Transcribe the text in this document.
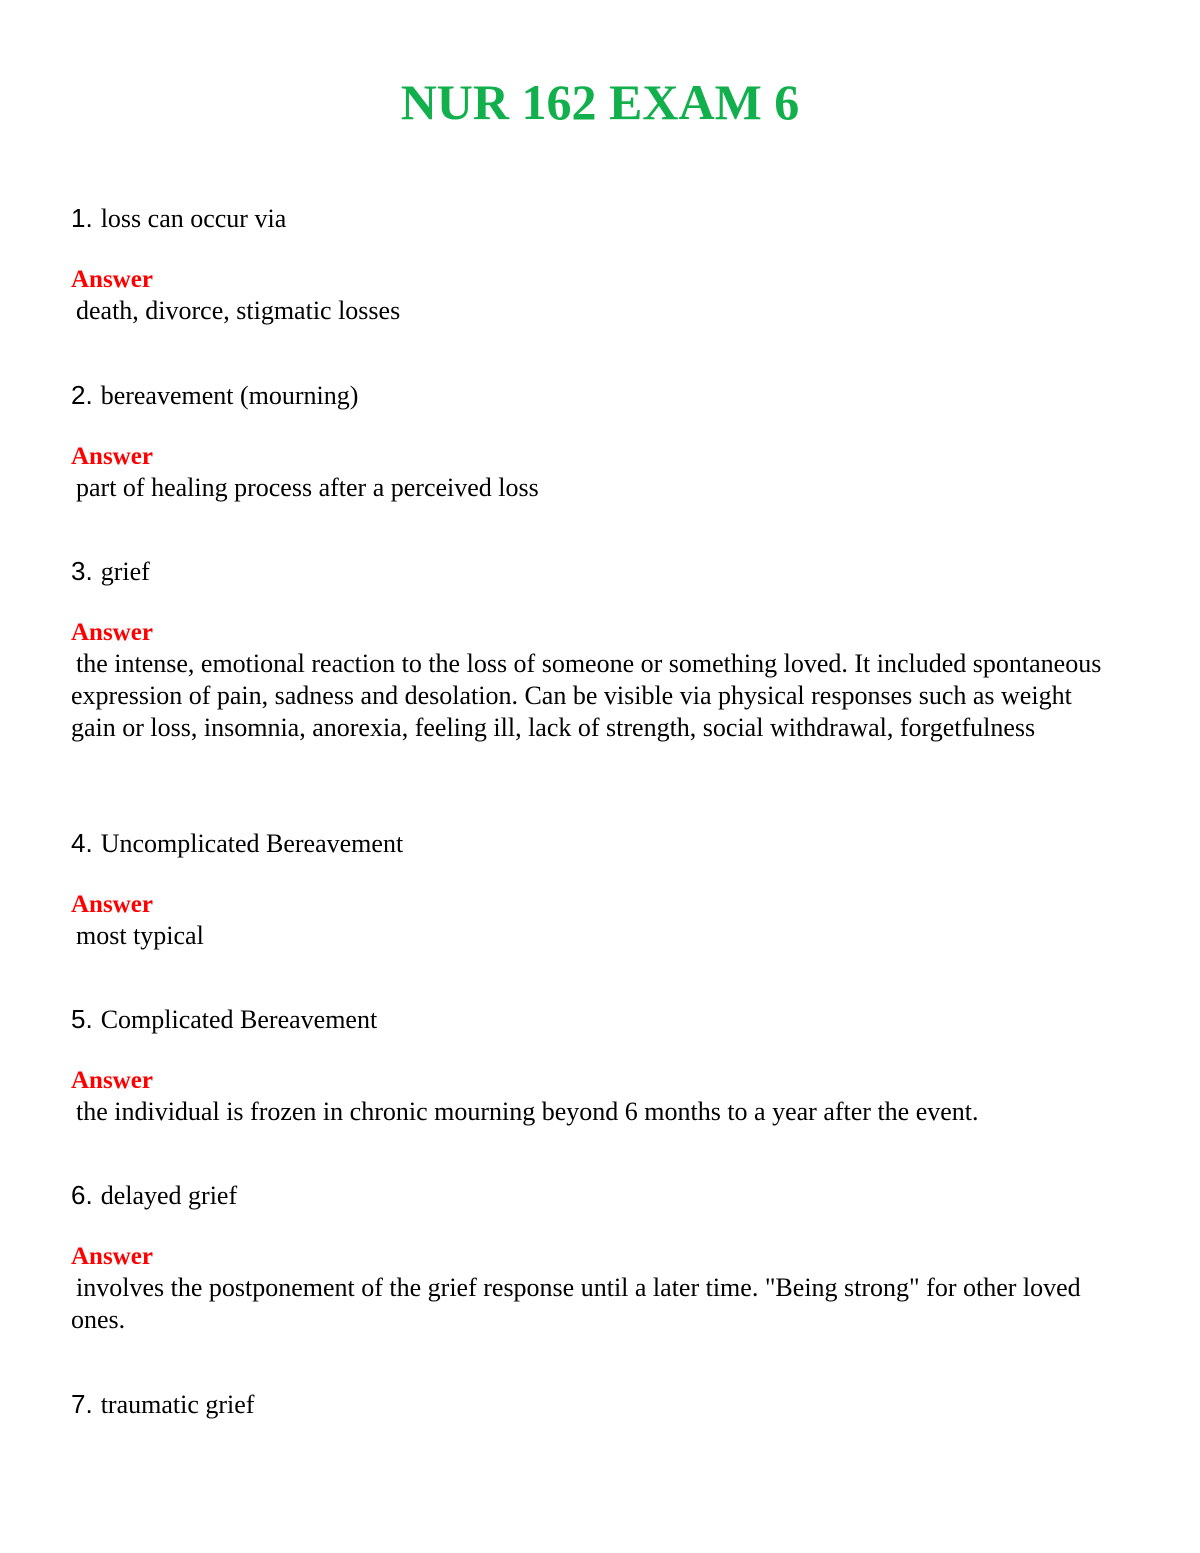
NUR 162 EXAM 6
1. loss can occur via
Answer
death, divorce, stigmatic losses
2. bereavement (mourning)
Answer
part of healing process after a perceived loss
3. grief
Answer
the intense, emotional reaction to the loss of someone or something loved. It included spontaneous expression of pain, sadness and desolation. Can be visible via physical responses such as weight gain or loss, insomnia, anorexia, feeling ill, lack of strength, social withdrawal, forgetfulness
4. Uncomplicated Bereavement
Answer
most typical
5. Complicated Bereavement
Answer
the individual is frozen in chronic mourning beyond 6 months to a year after the event.
6. delayed grief
Answer
involves the postponement of the grief response until a later time. "Being strong" for other loved ones.
7. traumatic grief
